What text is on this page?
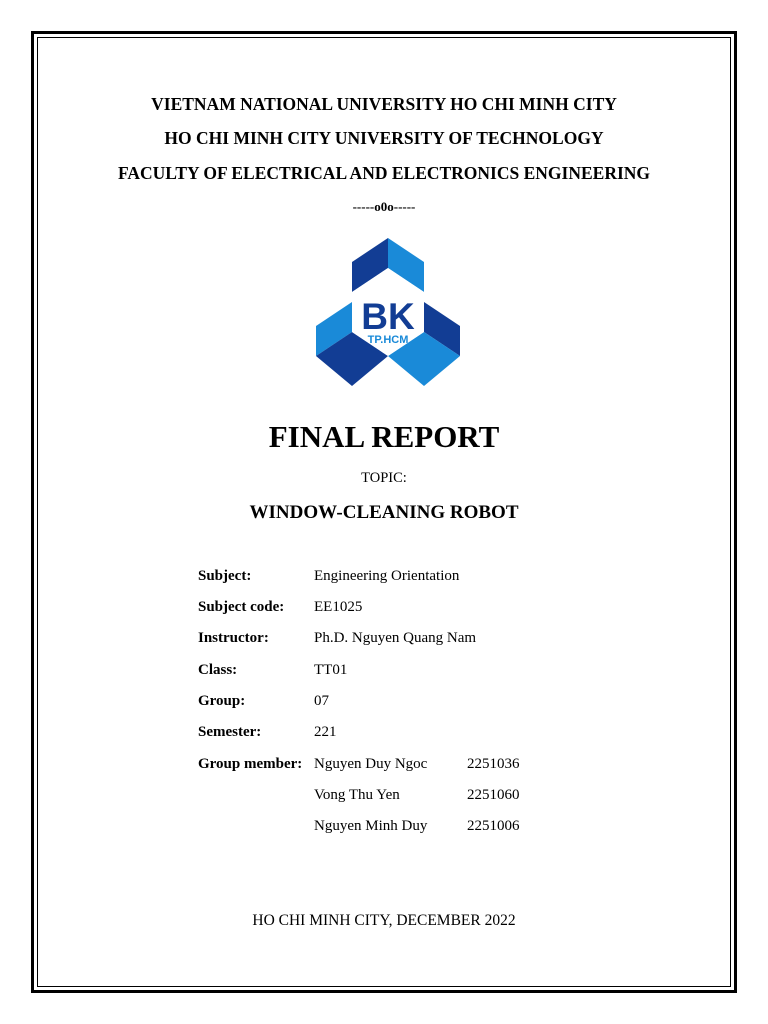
VIETNAM NATIONAL UNIVERSITY HO CHI MINH CITY
HO CHI MINH CITY UNIVERSITY OF TECHNOLOGY
FACULTY OF ELECTRICAL AND ELECTRONICS ENGINEERING
-----o0o-----
BK
TP.HCM
FINAL REPORT
TOPIC:
WINDOW-CLEANING ROBOT
Subject:	Engineering Orientation
Subject code: EE1025
Instructor:	Ph.D. Nguyen Quang Nam
Class:	TT01
Group:	07
Semester:	221
Group member: Nguyen Duy Ngoc	2251036
Vong Thu Yen	2251060
Nguyen Minh Duy	2251006
HO CHI MINH CITY, DECEMBER 2022
